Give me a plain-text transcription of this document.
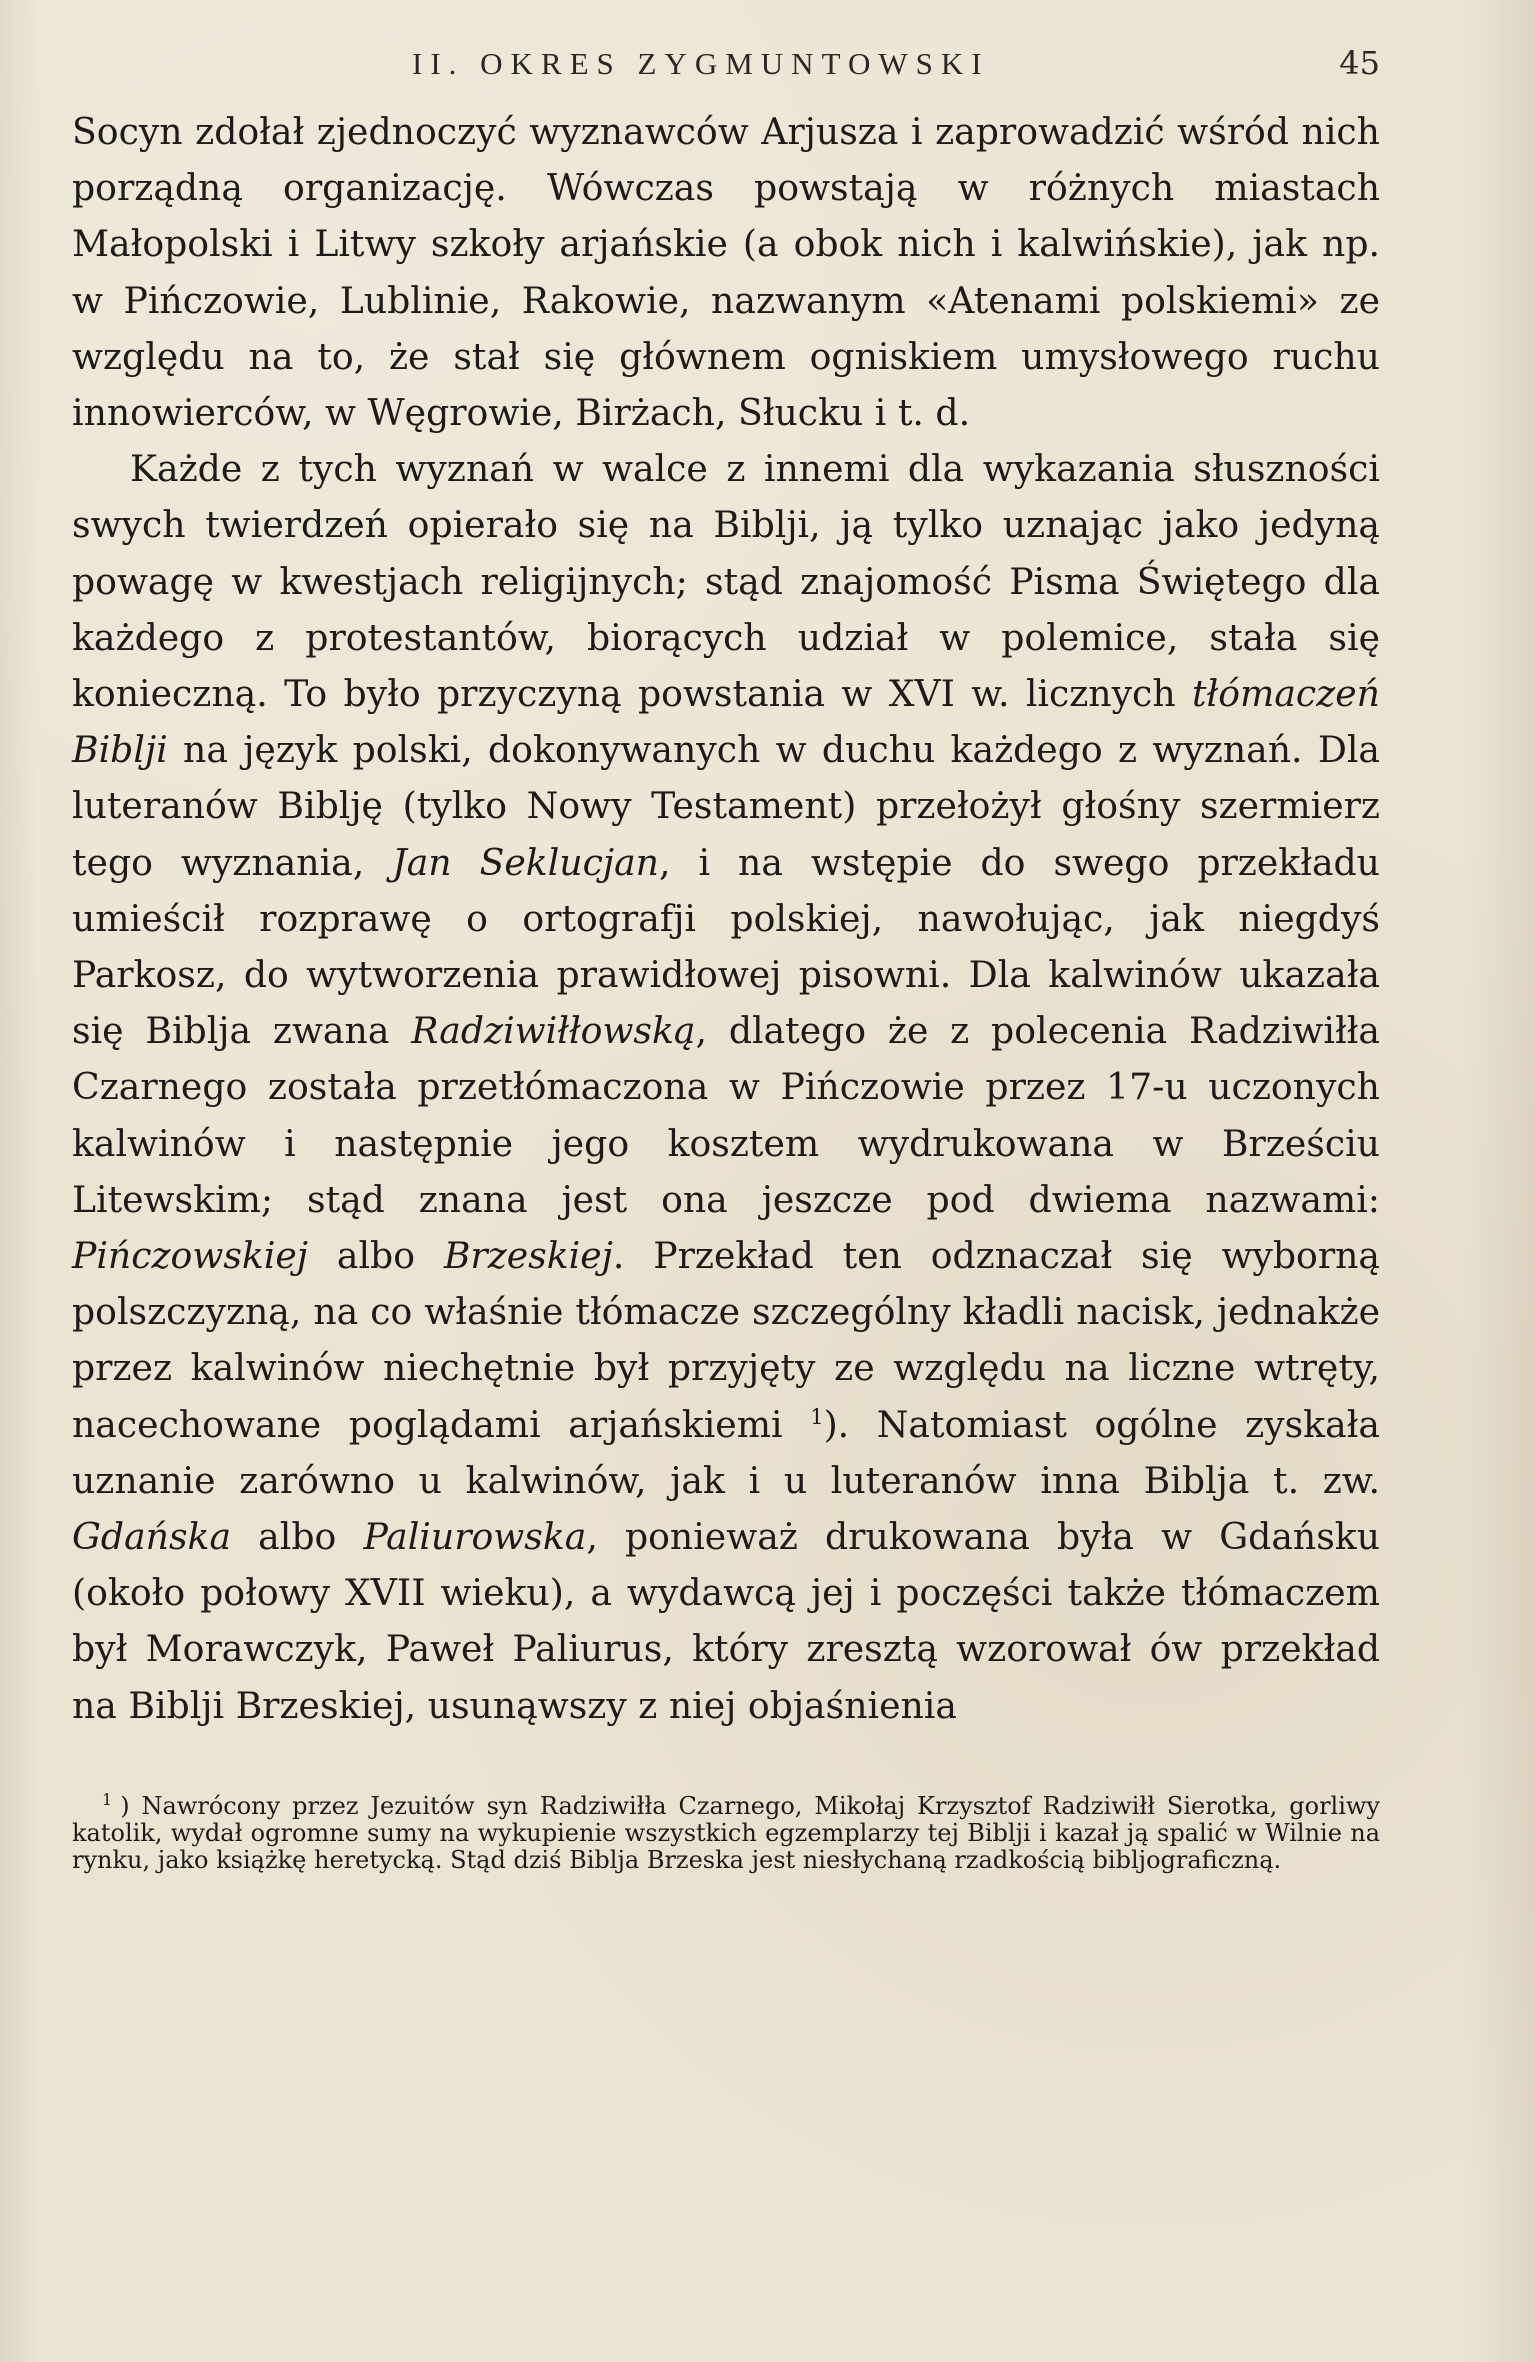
II. OKRES ZYGMUNTOWSKI	45

Socyn zdołał zjednoczyć wyznawców Arjusza i zaprowadzić wśród nich porządną organizację. Wówczas powstają w różnych miastach Małopolski i Litwy szkoły arjańskie (a obok nich i kalwińskie), jak np. w Pińczowie, Lublinie, Rakowie, nazwanym «Atenami polskiemi» ze względu na to, że stał się głównem ogniskiem umysłowego ruchu innowierców, w Węgrowie, Birżach, Słucku i t. d.

Każde z tych wyznań w walce z innemi dla wykazania słuszności swych twierdzeń opierało się na Biblji, ją tylko uznając jako jedyną powagę w kwestjach religijnych; stąd znajomość Pisma Świętego dla każdego z protestantów, biorących udział w polemice, stała się konieczną. To było przyczyną powstania w XVI w. licznych tłómaczeń Biblji na język polski, dokonywanych w duchu każdego z wyznań. Dla luteranów Biblję (tylko Nowy Testament) przełożył głośny szermierz tego wyznania, Jan Seklucjan, i na wstępie do swego przekładu umieścił rozprawę o ortografji polskiej, nawołując, jak niegdyś Parkosz, do wytworzenia prawidłowej pisowni. Dla kalwinów ukazała się Biblja zwana Radziwiłłowską, dlatego że z polecenia Radziwiłła Czarnego została przetłómaczona w Pińczowie przez 17-u uczonych kalwinów i następnie jego kosztem wydrukowana w Brześciu Litewskim; stąd znana jest ona jeszcze pod dwiema nazwami: Pińczowskiej albo Brzeskiej. Przekład ten odznaczał się wyborną polszczyzną, na co właśnie tłómacze szczególny kładli nacisk, jednakże przez kalwinów niechętnie był przyjęty ze względu na liczne wtręty, nacechowane poglądami arjańskiemi $^1$). Natomiast ogólne zyskała uznanie zarówno u kalwinów, jak i u luteranów inna Biblja t. zw. Gdańska albo Paliurowska, ponieważ drukowana była w Gdańsku (około połowy XVII wieku), a wydawcą jej i poczęści także tłómaczem był Morawczyk, Paweł Paliurus, który zresztą wzorował ów przekład na Biblji Brzeskiej, usunąwszy z niej objaśnienia

$^1$ ) Nawrócony przez Jezuitów syn Radziwiłła Czarnego, Mikołaj Krzysztof Radziwiłł Sierotka, gorliwy katolik, wydał ogromne sumy na wykupienie wszystkich egzemplarzy tej Biblji i kazał ją spalić w Wilnie na rynku, jako książkę heretycką. Stąd dziś Biblja Brzeska jest niesłychaną rzadkością bibljograficzną.
